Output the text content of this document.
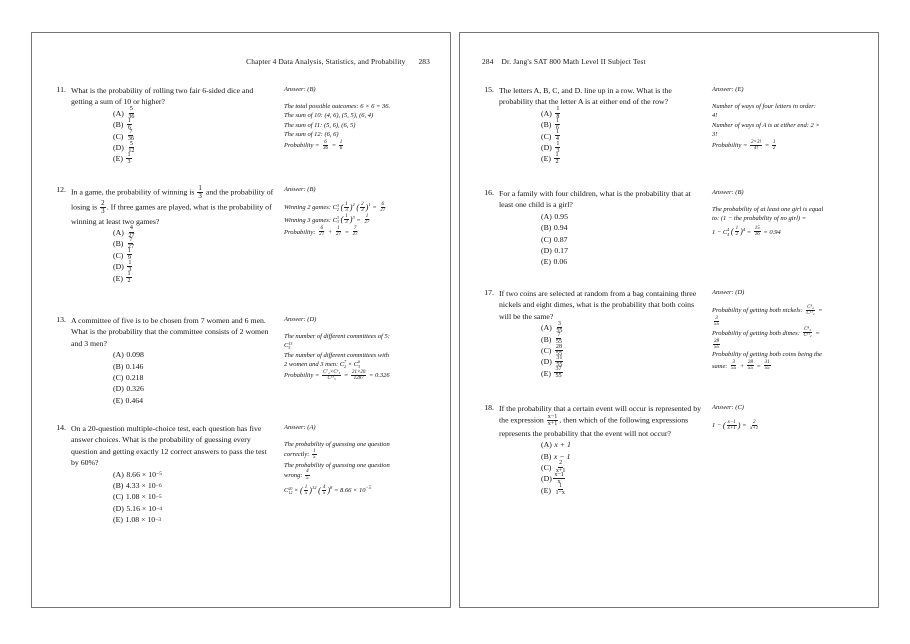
Chapter 4 Data Analysis, Statistics, and Probability 283
11. What is the probability of rolling two fair 6-sided dice and getting a sum of 10 or higher?
$(A) \frac{5}{36}$
$(B) \frac{1}{6}$
$(C) \frac{7}{36}$
$(D) \frac{5}{12}$
$(E) \frac{1}{3}$

Answer: (B)

The total possible outcomes: 6 × 6 = 36.

The sum of 10: (4, 6), (5, 5), (6, 4)

The sum of 11: (5, 6), (6, 5)

The sum of 12: (6, 6)

Probability = $\frac{6}{36} = \frac{1}{6}$

12. In a game, the probability of winning is $\frac{1}{3}$ and the probability of losing is $\frac{2}{3}$ . If three games are played, what is the probability of winning at least two games?
$(A) \frac{4}{27}$
$(B) \frac{7}{27}$
$(C) \frac{1}{9}$
$(D) \frac{1}{3}$
$(E) \frac{1}{2}$

Answer: (B)

Winning 2 games: C 3
2 ( $\frac{1}{3} )^2$ ( $\frac{2}{3} )^1 = \frac{6}{27}$

Winning 3 games: C 3
3 ( $\frac{1}{3} )^3 = \frac{1}{27}$

Probability: $\frac{6}{27} + \frac{1}{27} = \frac{7}{27}$

13. A committee of five is to be chosen from 7 women and 6 men. What is the probability that the committee consists of 2 women and 3 men?
(A) 0.098
(B) 0.146
(C) 0.218
(D) 0.326
(E) 0.464

Answer: (D)

The number of different committees of 5:

C 13
5

The number of different committees with

2 women and 3 men: C 7
2 × C 6
3

Probability = $\frac{\text{C⁷₂×C⁶₃}}{\text{C¹³₅}} = \frac{21\times 20}{1287} = 0.326$

14. On a 20-question multiple-choice test, each question has five answer choices. What is the probability of guessing every question and getting exactly 12 correct answers to pass the test by 60%?
(A) 8.66 × 10 −5
(B) 4.33 × 10 −6
(C) 1.08 × 10 −5
(D) 5.16 × 10 −4
(E) 1.08 × 10 −3

Answer: (A)

The probability of guessing one question

correctly: $\frac{1}{5}$

The probability of guessing one question

wrong: $\frac{4}{5}$

C 20
12 × ( $\frac{1}{5} )^{12}$ ( $\frac{4}{5} )^8 = 8.66 \times 10^{-5}$

284 Dr. Jang's SAT 800 Math Level II Subject Test
15. The letters A, B, C, and D. line up in a row. What is the probability that the letter A is at either end of the row?
$(A) \frac{1}{8}$
$(B) \frac{1}{6}$
$(C) \frac{1}{4}$
$(D) \frac{1}{3}$
$(E) \frac{1}{2}$

Answer: (E)

Number of ways of four letters in order:

4!

Number of ways of A is at either end: 2 ×

3!

Probability = $\frac{2\times 3!}{4!} = \frac{1}{2}$

16. For a family with four children, what is the probability that at least one child is a girl?
(A) 0.95
(B) 0.94
(C) 0.87
(D) 0.17
(E) 0.06

Answer: (B)

The probability of at least one girl is equal

to: (1 − the probability of no girl) =

1 − C 4
4 ( $\frac{1}{2} )^4 = \frac{15}{16} = 0.94$

17. If two coins are selected at random from a bag containing three nickels and eight dimes, what is the probability that both coins will be the same?
$(A) \frac{3}{55}$
$(B) \frac{7}{55}$
$(C) \frac{28}{55}$
$(D) \frac{31}{55}$
$(E) \frac{37}{55}$

Answer: (D)

Probability of getting both nickels: $\frac{\text{C³₂}}{\text{C¹¹₂}}$ =

$\frac{3}{55}$

Probability of getting both dimes: $\frac{\text{C⁸₂}}{\text{C¹¹₂}}$ =

$\frac{28}{55}$

Probability of getting both coins being the

same: $\frac{3}{55} + \frac{28}{55} = \frac{31}{55}$

18. If the probability that a certain event will occur is represented by the expression $\frac{x-1}{x+1}$ , then which of the following expressions represents the probability that the event will not occur?
(A) x + 1
(B) x − 1
$(C) \frac{2}{x+1}$
$(D) \frac{x-1}{x}$
$(E) \frac{1}{1-x}$

Answer: (C)

1 − ( $\frac{x-1}{x+1}$ ) = $\frac{2}{x+1}$
